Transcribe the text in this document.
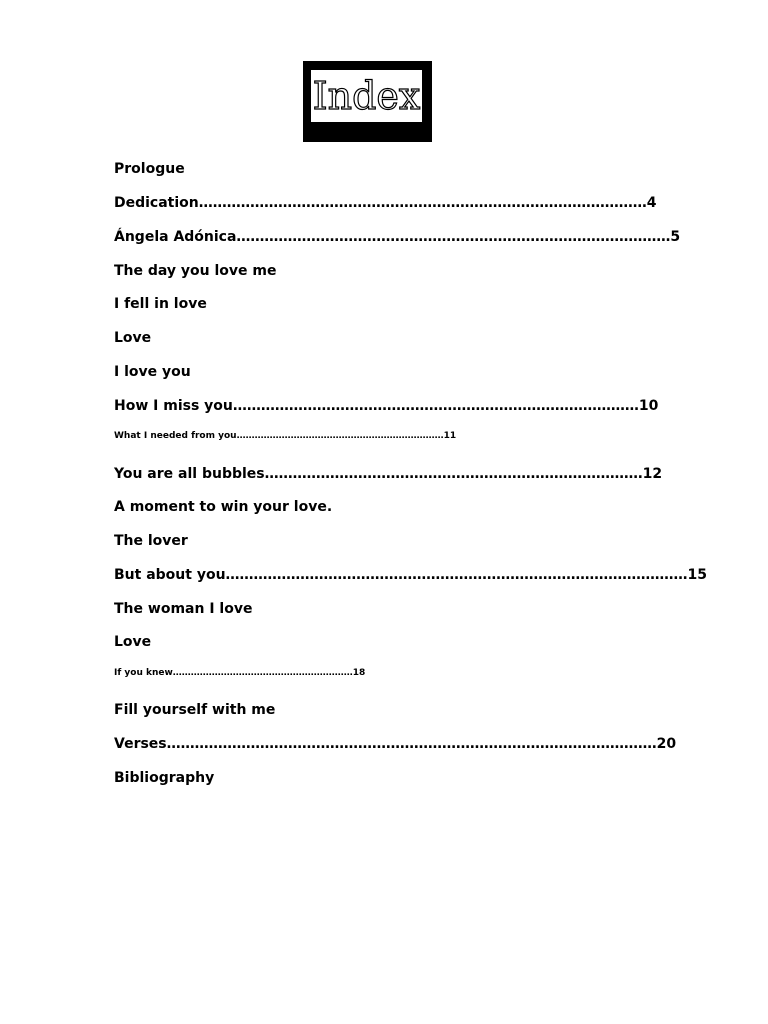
Index
Prologue
Dedication……………………………………………………………………………………4
Ángela Adónica…………………………………………………………………………………5
The day you love me
I fell in love
Love
I love you
How I miss you……………………………………………………………………………10
What I needed from you……………………………………………………………11
You are all bubbles………………………………………………………………………12
A moment to win your love.
The lover
But about you………………………………………………………………………………………15
The woman I love
Love
If you knew……………………………………………………18
Fill yourself with me
Verses……………………………………………………………………………………………20
Bibliography
